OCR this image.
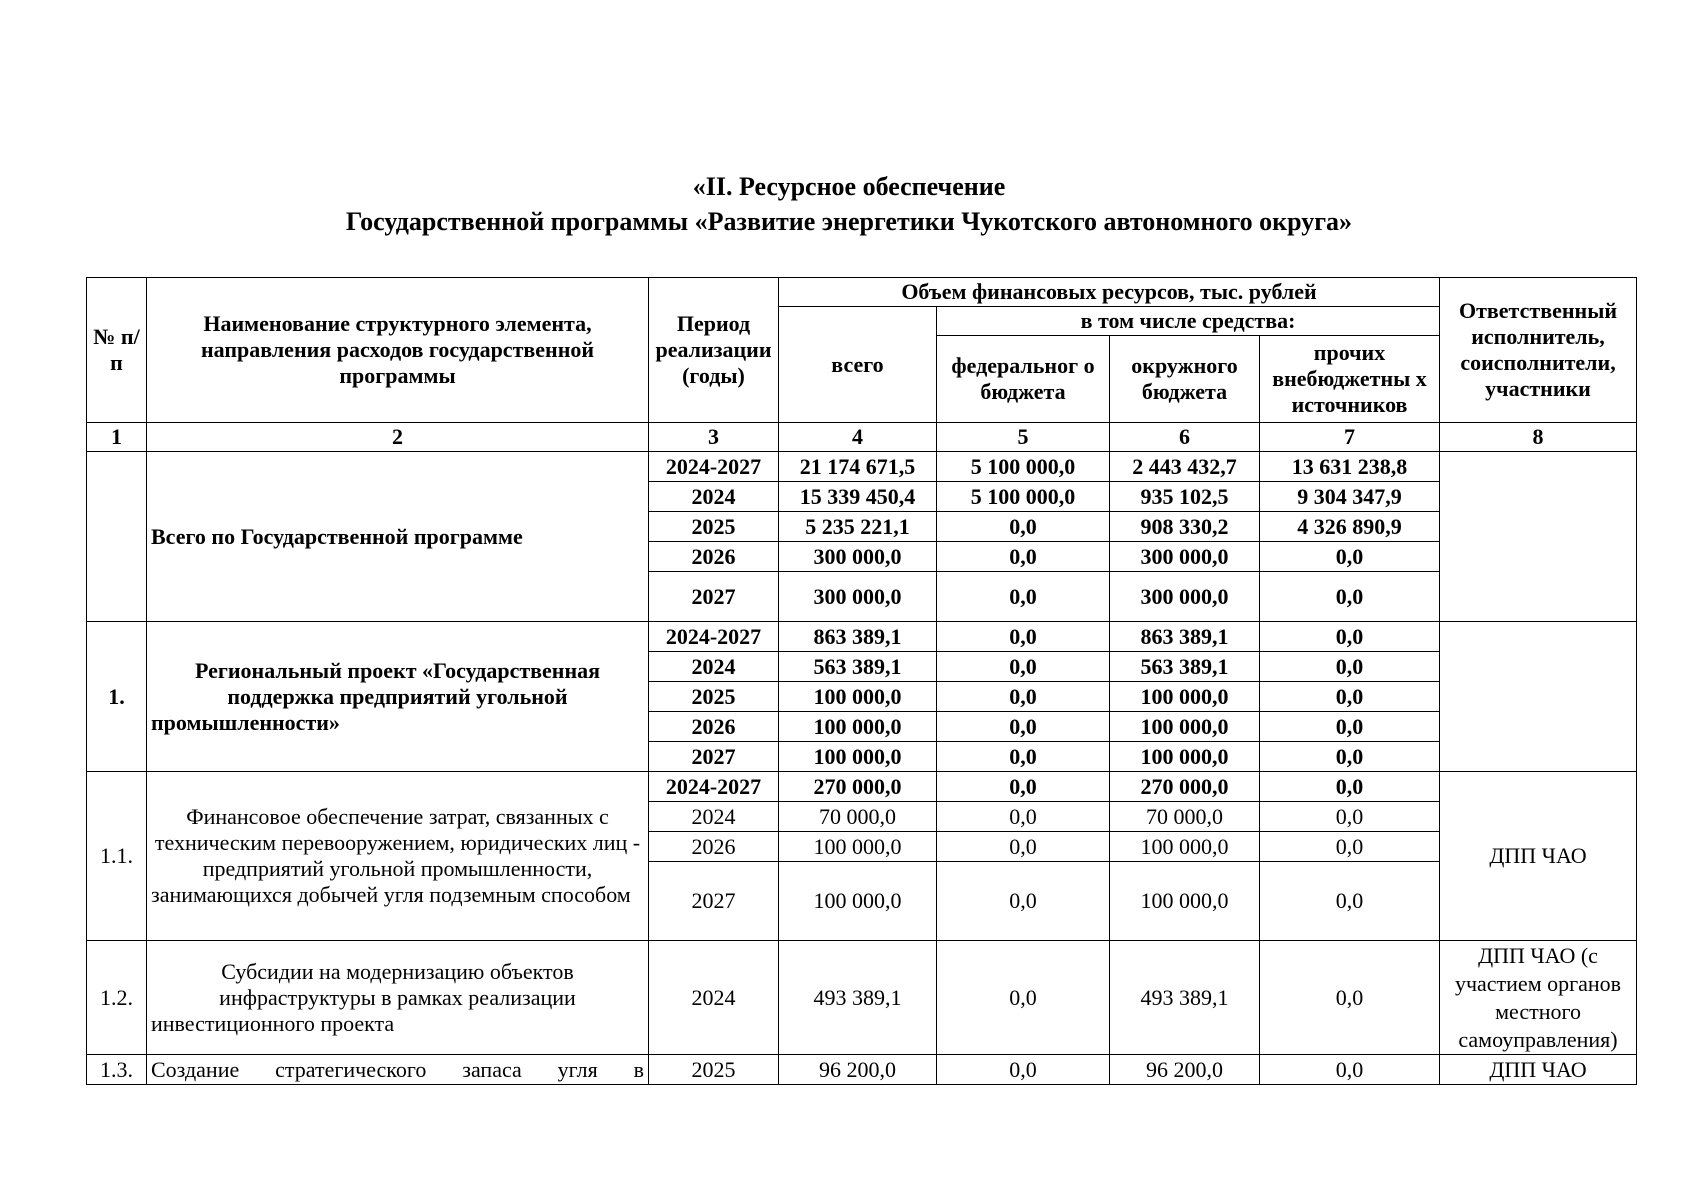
«II. Ресурсное обеспечение
Государственной программы «Развитие энергетики Чукотского автономного округа»
№ п/п	Наименование структурного элемента, направления расходов государственной программы	Период реализации (годы)	Объем финансовых ресурсов, тыс. рублей				Ответственный исполнитель, соисполнители, участники
			всего	в том числе средства:			
				федеральног о бюджета	окружного бюджета	прочих внебюджетны х источников	
1	2	3	4	5	6	7	8
	Всего по Государственной программе	2024-2027	21 174 671,5	5 100 000,0	2 443 432,7	13 631 238,8	
		2024	15 339 450,4	5 100 000,0	935 102,5	9 304 347,9	
		2025	5 235 221,1	0,0	908 330,2	4 326 890,9	
		2026	300 000,0	0,0	300 000,0	0,0	
		2027	300 000,0	0,0	300 000,0	0,0	
1.	Региональный проект «Государственная поддержка предприятий угольной промышленности»	2024-2027	863 389,1	0,0	863 389,1	0,0	
		2024	563 389,1	0,0	563 389,1	0,0	
		2025	100 000,0	0,0	100 000,0	0,0	
		2026	100 000,0	0,0	100 000,0	0,0	
		2027	100 000,0	0,0	100 000,0	0,0	
1.1.	Финансовое обеспечение затрат, связанных с техническим перевооружением, юридических лиц - предприятий угольной промышленности, занимающихся добычей угля подземным способом	2024-2027	270 000,0	0,0	270 000,0	0,0	ДПП ЧАО
		2024	70 000,0	0,0	70 000,0	0,0	
		2026	100 000,0	0,0	100 000,0	0,0	
		2027	100 000,0	0,0	100 000,0	0,0	
1.2.	Субсидии на модернизацию объектов инфраструктуры в рамках реализации инвестиционного проекта	2024	493 389,1	0,0	493 389,1	0,0	ДПП ЧАО (с участием органов местного самоуправления)
1.3.	Создание стратегического запаса угля в	2025	96 200,0	0,0	96 200,0	0,0	ДПП ЧАО
